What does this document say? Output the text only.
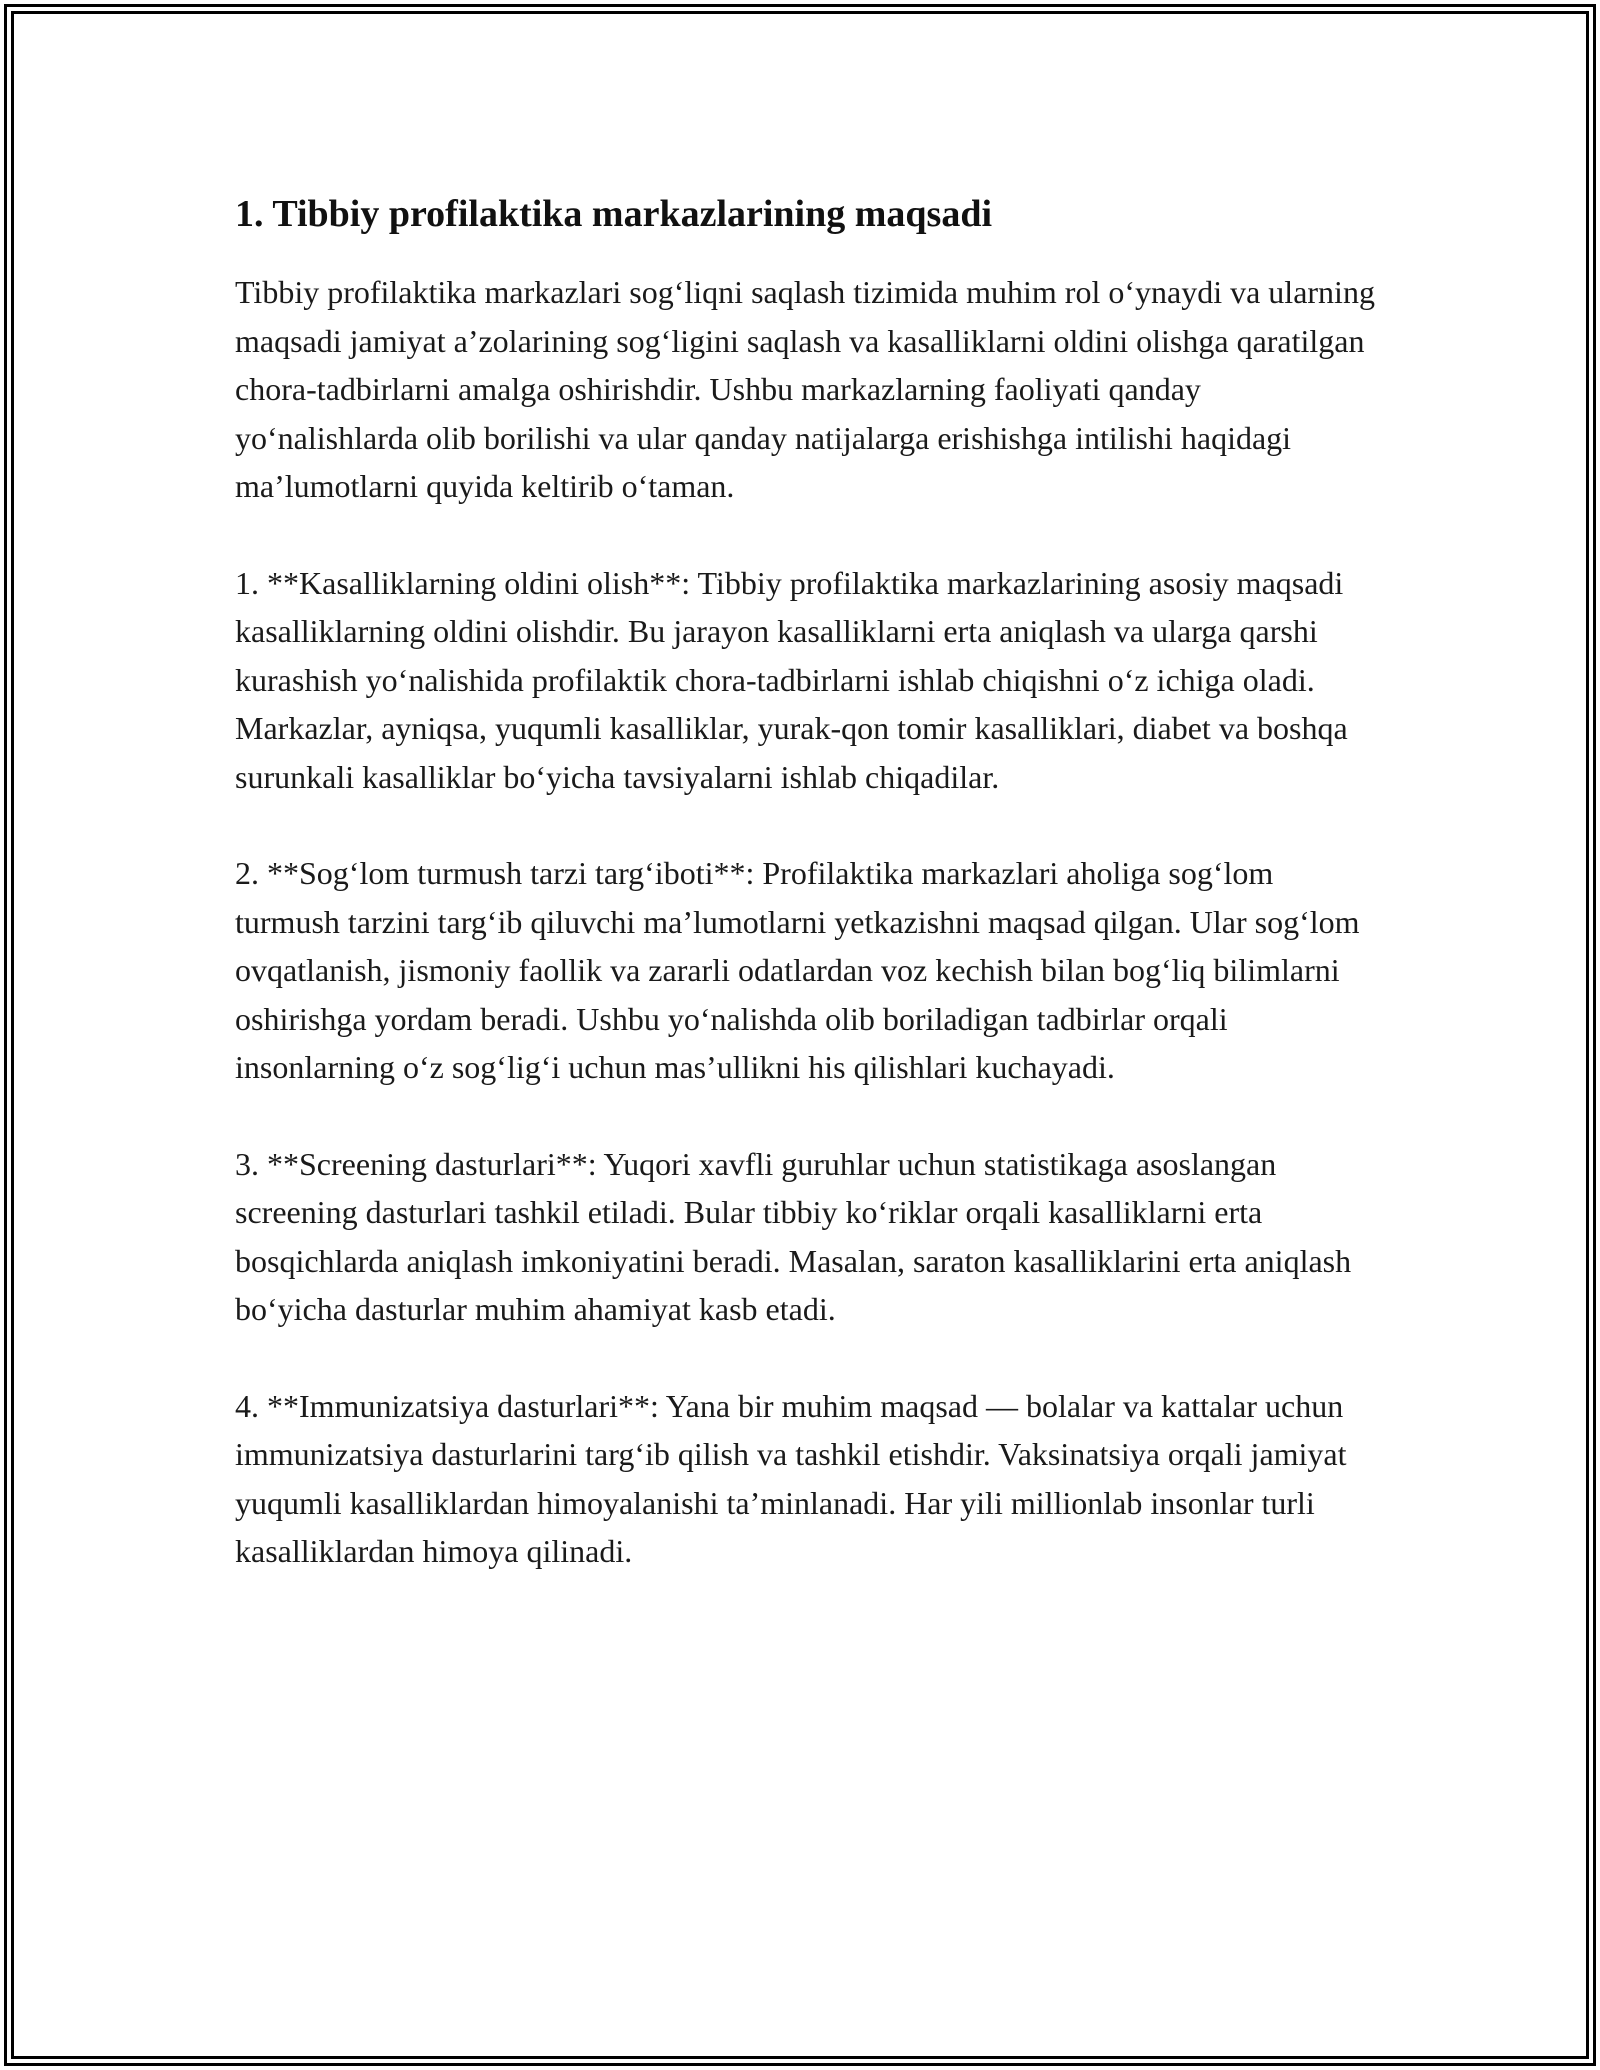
1. Tibbiy profilaktika markazlarining maqsadi

Tibbiy profilaktika markazlari sog‘liqni saqlash tizimida muhim rol o‘ynaydi va ularning maqsadi jamiyat a’zolarining sog‘ligini saqlash va kasalliklarni oldini olishga qaratilgan chora-tadbirlarni amalga oshirishdir. Ushbu markazlarning faoliyati qanday yo‘nalishlarda olib borilishi va ular qanday natijalarga erishishga intilishi haqidagi ma’lumotlarni quyida keltirib o‘taman.

1. **Kasalliklarning oldini olish**: Tibbiy profilaktika markazlarining asosiy maqsadi kasalliklarning oldini olishdir. Bu jarayon kasalliklarni erta aniqlash va ularga qarshi kurashish yo‘nalishida profilaktik chora-tadbirlarni ishlab chiqishni o‘z ichiga oladi. Markazlar, ayniqsa, yuqumli kasalliklar, yurak-qon tomir kasalliklari, diabet va boshqa surunkali kasalliklar bo‘yicha tavsiyalarni ishlab chiqadilar.

2. **Sog‘lom turmush tarzi targ‘iboti**: Profilaktika markazlari aholiga sog‘lom turmush tarzini targ‘ib qiluvchi ma’lumotlarni yetkazishni maqsad qilgan. Ular sog‘lom ovqatlanish, jismoniy faollik va zararli odatlardan voz kechish bilan bog‘liq bilimlarni oshirishga yordam beradi. Ushbu yo‘nalishda olib boriladigan tadbirlar orqali insonlarning o‘z sog‘lig‘i uchun mas’ullikni his qilishlari kuchayadi.

3. **Screening dasturlari**: Yuqori xavfli guruhlar uchun statistikaga asoslangan screening dasturlari tashkil etiladi. Bular tibbiy ko‘riklar orqali kasalliklarni erta bosqichlarda aniqlash imkoniyatini beradi. Masalan, saraton kasalliklarini erta aniqlash bo‘yicha dasturlar muhim ahamiyat kasb etadi.

4. **Immunizatsiya dasturlari**: Yana bir muhim maqsad — bolalar va kattalar uchun immunizatsiya dasturlarini targ‘ib qilish va tashkil etishdir. Vaksinatsiya orqali jamiyat yuqumli kasalliklardan himoyalanishi ta’minlanadi. Har yili millionlab insonlar turli kasalliklardan himoya qilinadi.
